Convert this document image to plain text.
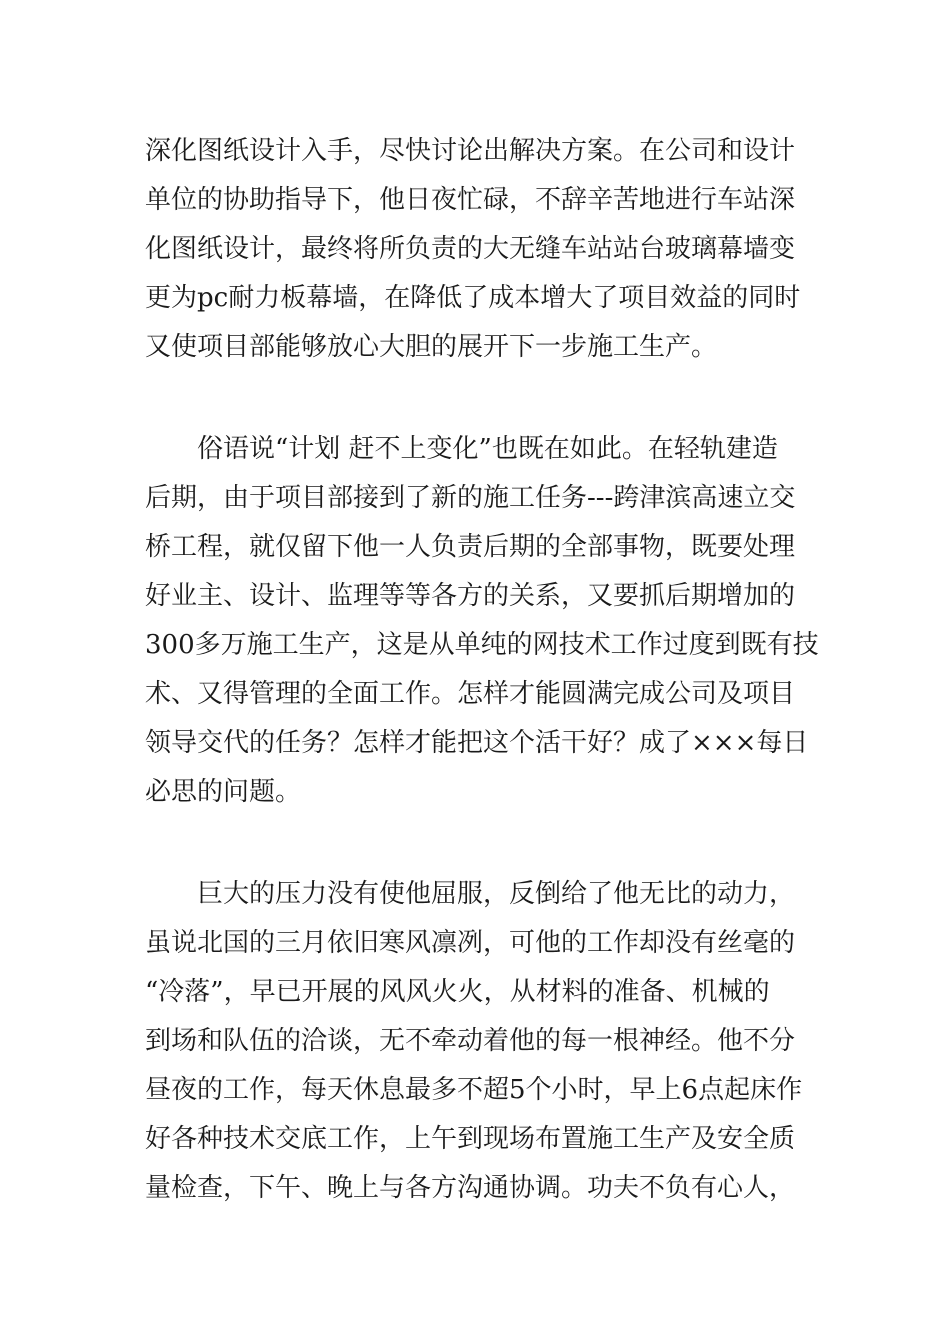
深化图纸设计入手，尽快讨论出解决方案。在公司和设计
单位的协助指导下，他日夜忙碌，不辞辛苦地进行车站深
化图纸设计，最终将所负责的大无缝车站站台玻璃幕墙变
更为pc耐力板幕墙，在降低了成本增大了项目效益的同时
又使项目部能够放心大胆的展开下一步施工生产。
俗语说“计划 赶不上变化”也既在如此。在轻轨建造
后期，由于项目部接到了新的施工任务---跨津滨高速立交
桥工程，就仅留下他一人负责后期的全部事物，既要处理
好业主、设计、监理等等各方的关系，又要抓后期增加的
300多万施工生产，这是从单纯的网技术工作过度到既有技
术、又得管理的全面工作。怎样才能圆满完成公司及项目
领导交代的任务？怎样才能把这个活干好？成了×××每日
必思的问题。
巨大的压力没有使他屈服，反倒给了他无比的动力，
虽说北国的三月依旧寒风凛冽，可他的工作却没有丝毫的
“冷落”，早已开展的风风火火，从材料的准备、机械的
到场和队伍的洽谈，无不牵动着他的每一根神经。他不分
昼夜的工作，每天休息最多不超5个小时，早上6点起床作
好各种技术交底工作，上午到现场布置施工生产及安全质
量检查，下午、晚上与各方沟通协调。功夫不负有心人，
